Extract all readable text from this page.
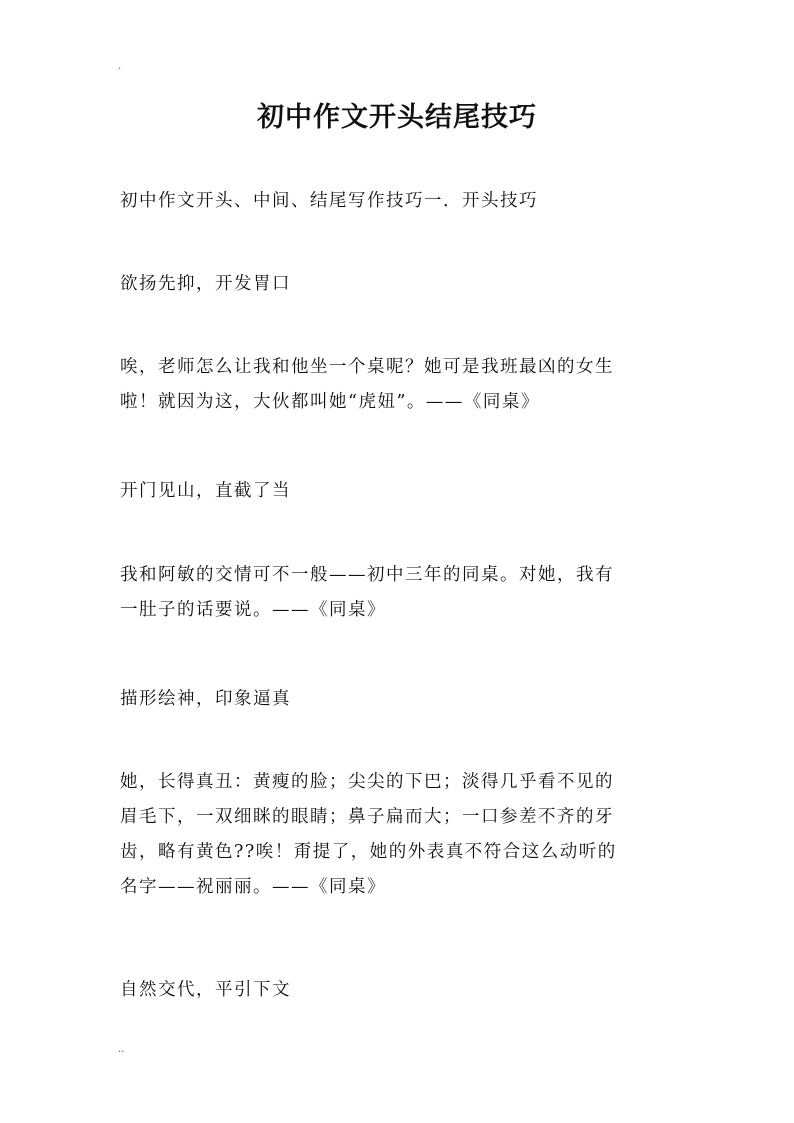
.
初中作文开头结尾技巧
初中作文开头、中间、结尾写作技巧一．开头技巧
欲扬先抑，开发胃口
唉，老师怎么让我和他坐一个桌呢？她可是我班最凶的女生
啦！就因为这，大伙都叫她“虎妞”。——《同桌》
开门见山，直截了当
我和阿敏的交情可不一般——初中三年的同桌。对她，我有
一肚子的话要说。——《同桌》
描形绘神，印象逼真
她，长得真丑：黄瘦的脸；尖尖的下巴；淡得几乎看不见的
眉毛下，一双细眯的眼睛；鼻子扁而大；一口参差不齐的牙
齿，略有黄色??唉！甭提了，她的外表真不符合这么动听的
名字——祝丽丽。——《同桌》
自然交代，平引下文
..
